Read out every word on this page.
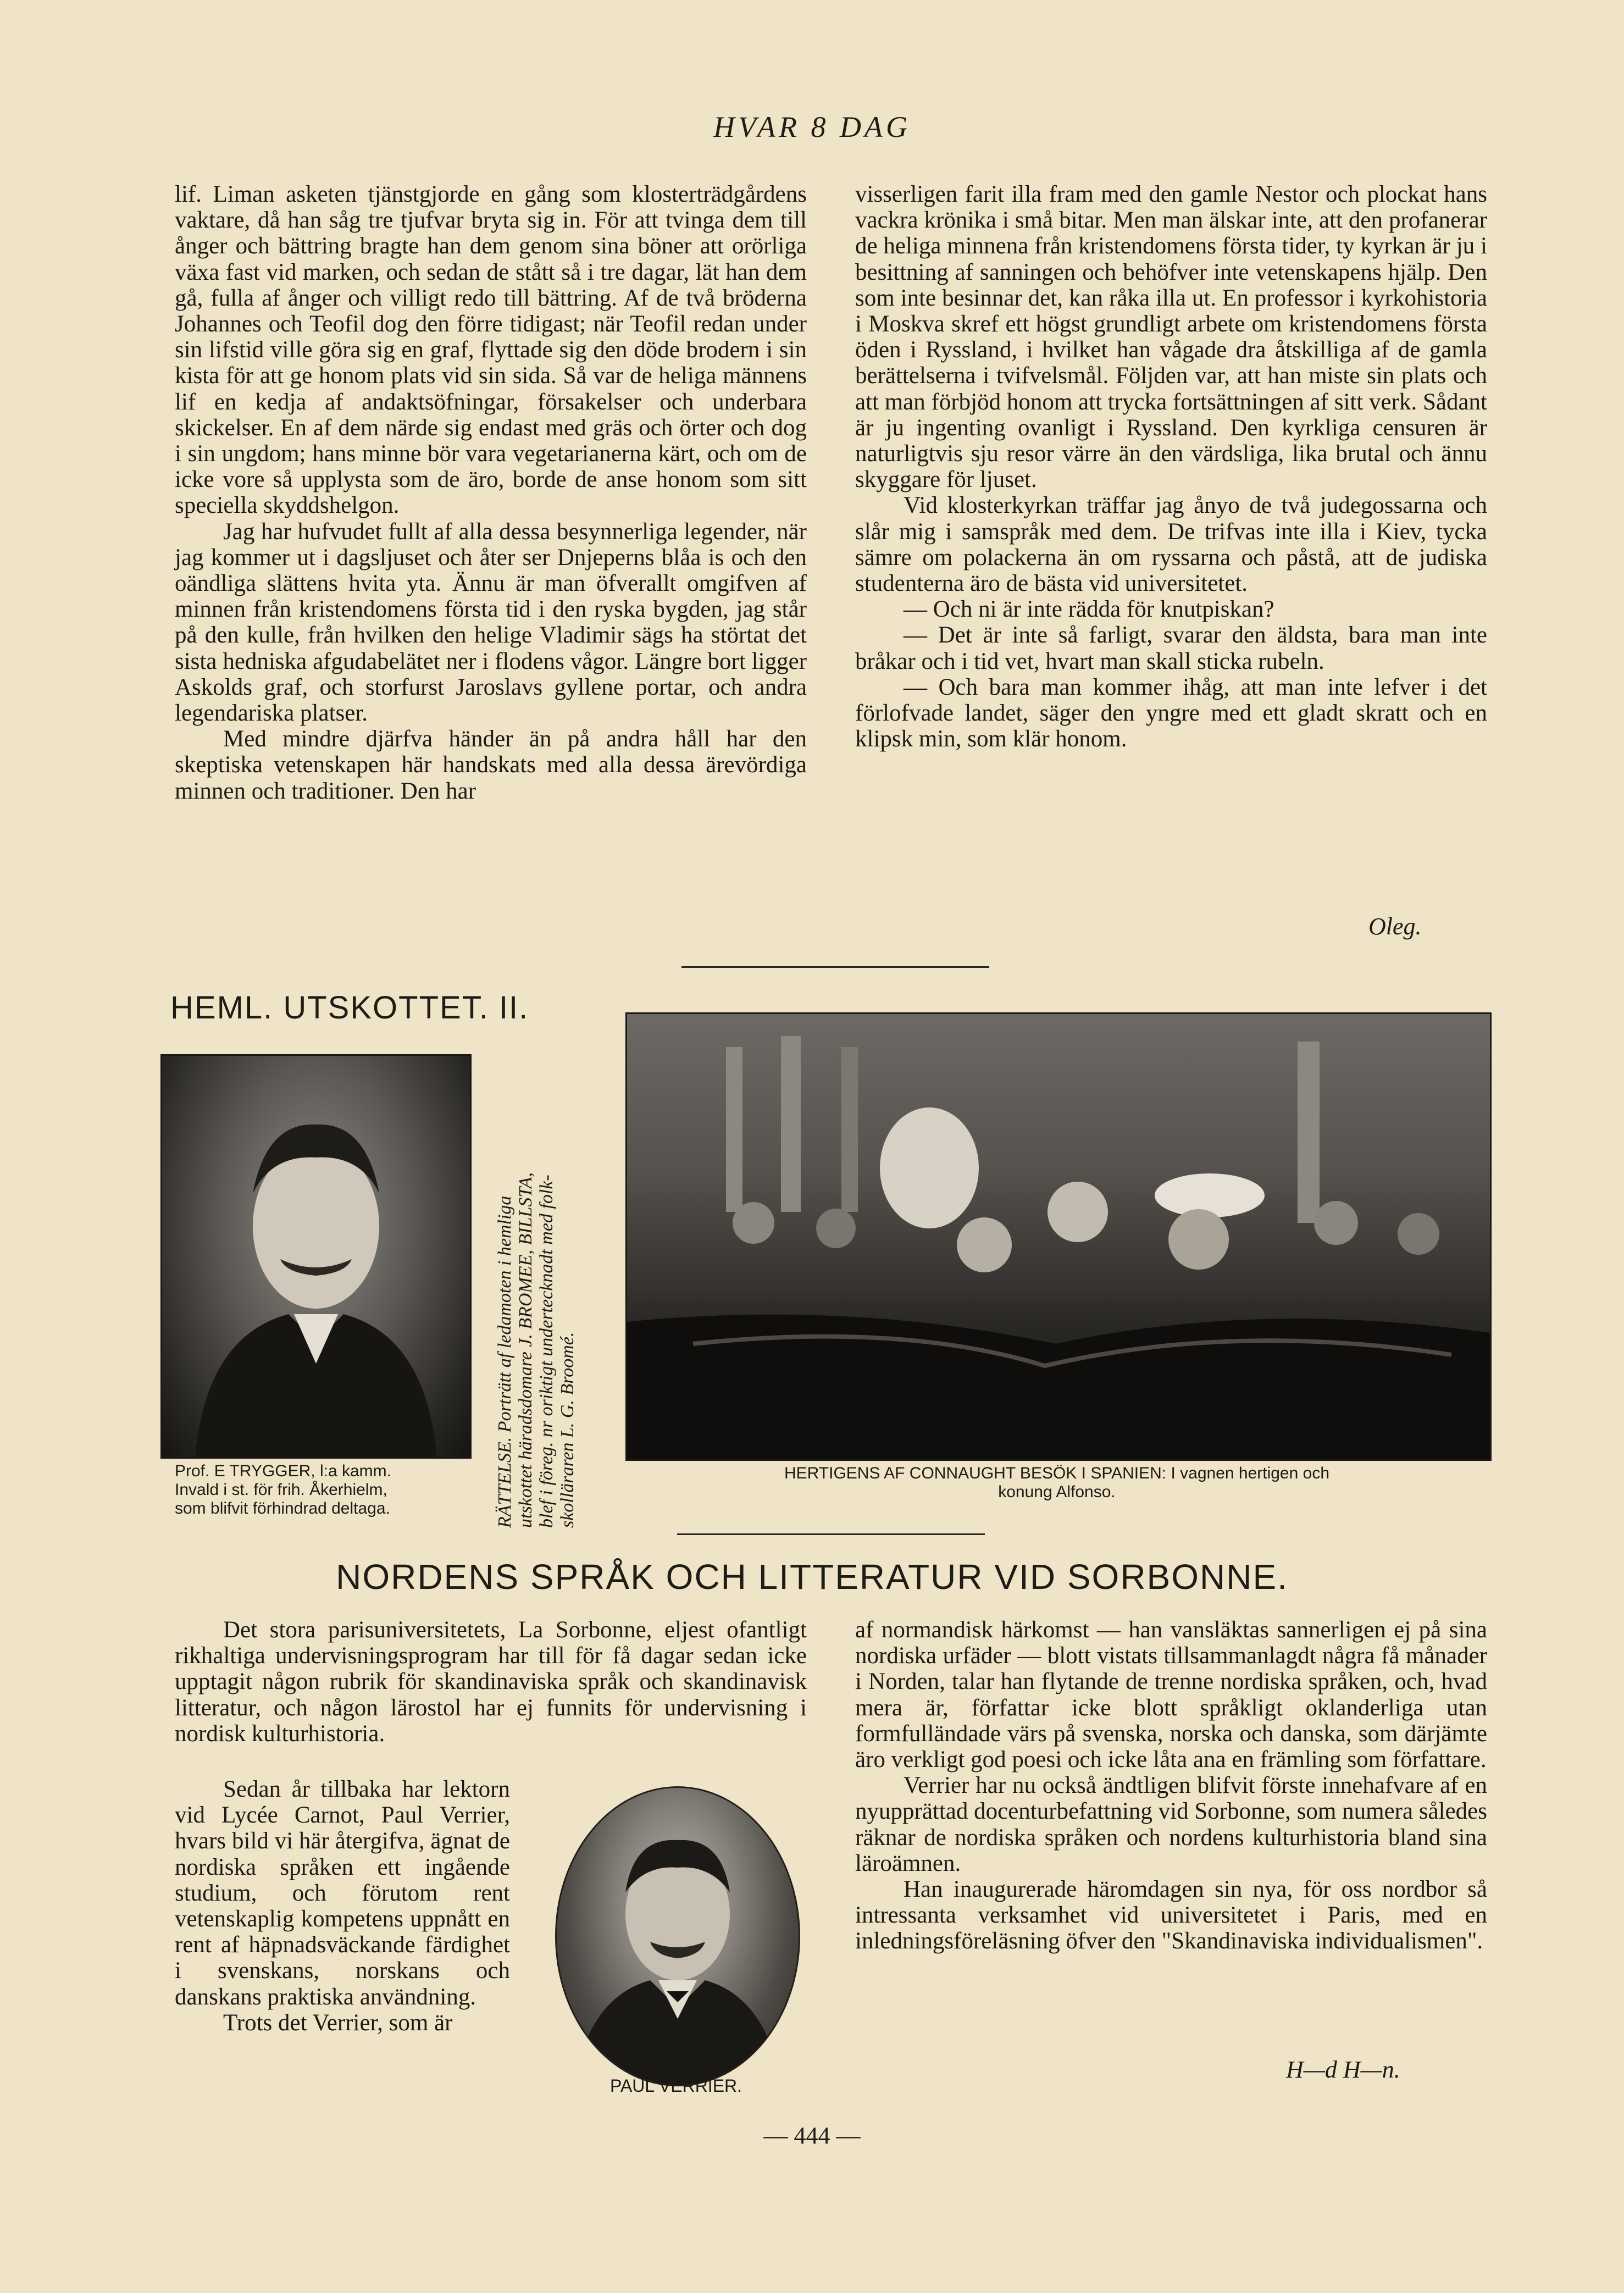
HVAR 8 DAG

lif. Liman asketen tjänstgjorde en gång som klosterträdgårdens vaktare, då han såg tre tjufvar bryta sig in. För att tvinga dem till ånger och bättring bragte han dem genom sina böner att orörliga växa fast vid marken, och sedan de stått så i tre dagar, lät han dem gå, fulla af ånger och villigt redo till bättring. Af de två bröderna Johannes och Teofil dog den förre tidigast; när Teofil redan under sin lifstid ville göra sig en graf, flyttade sig den döde brodern i sin kista för att ge honom plats vid sin sida. Så var de heliga männens lif en kedja af andaktsöfningar, försakelser och underbara skickelser. En af dem närde sig endast med gräs och örter och dog i sin ungdom; hans minne bör vara vegetarianerna kärt, och om de icke vore så upplysta som de äro, borde de anse honom som sitt speciella skyddshelgon.

Jag har hufvudet fullt af alla dessa besynnerliga legender, när jag kommer ut i dagsljuset och åter ser Dnjeperns blåa is och den oändliga slättens hvita yta. Ännu är man öfverallt omgifven af minnen från kristendomens första tid i den ryska bygden, jag står på den kulle, från hvilken den helige Vladimir sägs ha störtat det sista hedniska afgudabelätet ner i flodens vågor. Längre bort ligger Askolds graf, och storfurst Jaroslavs gyllene portar, och andra legendariska platser.

Med mindre djärfva händer än på andra håll har den skeptiska vetenskapen här handskats med alla dessa ärevördiga minnen och traditioner. Den har

visserligen farit illa fram med den gamle Nestor och plockat hans vackra krönika i små bitar. Men man älskar inte, att den profanerar de heliga minnena från kristendomens första tider, ty kyrkan är ju i besittning af sanningen och behöfver inte vetenskapens hjälp. Den som inte besinnar det, kan råka illa ut. En professor i kyrkohistoria i Moskva skref ett högst grundligt arbete om kristendomens första öden i Ryssland, i hvilket han vågade dra åtskilliga af de gamla berättelserna i tvifvelsmål. Följden var, att han miste sin plats och att man förbjöd honom att trycka fortsättningen af sitt verk. Sådant är ju ingenting ovanligt i Ryssland. Den kyrkliga censuren är naturligtvis sju resor värre än den värdsliga, lika brutal och ännu skyggare för ljuset.

Vid klosterkyrkan träffar jag ånyo de två judegossarna och slår mig i samspråk med dem. De trifvas inte illa i Kiev, tycka sämre om polackerna än om ryssarna och påstå, att de judiska studenterna äro de bästa vid universitetet.

— Och ni är inte rädda för knutpiskan?

— Det är inte så farligt, svarar den äldsta, bara man inte bråkar och i tid vet, hvart man skall sticka rubeln.

— Och bara man kommer ihåg, att man inte lefver i det förlofvade landet, säger den yngre med ett gladt skratt och en klipsk min, som klär honom.

Oleg.
HEML. UTSKOTTET. II.
Prof. E TRYGGER, l:a kamm.
Invald i st. för frih. Åkerhielm,
som blifvit förhindrad deltaga.	RÄTTELSE. Porträtt af ledamoten i hemliga utskottet häradsdomare J. BROMEE, BILLSTA, blef i föreg. nr oriktigt undertecknadt med folk- skolläraren L. G. Broomé.	HERTIGENS AF CONNAUGHT BESÖK I SPANIEN: I vagnen hertigen och
konung Alfonso.
NORDENS SPRÅK OCH LITTERATUR VID SORBONNE.

Det stora parisuniversitetets, La Sorbonne, eljest ofantligt rikhaltiga undervisningsprogram har till för få dagar sedan icke upptagit någon rubrik för skandinaviska språk och skandinavisk litteratur, och någon lärostol har ej funnits för undervisning i nordisk kulturhistoria.

Sedan år tillbaka har lektorn vid Lycée Carnot, Paul Verrier, hvars bild vi här återgifva, ägnat de nordiska språken ett ingående studium, och förutom rent vetenskaplig kompetens uppnått en rent af häpnadsväckande färdighet i svenskans, norskans och danskans praktiska användning.

Trots det Verrier, som är

PAUL VERRIER.

af normandisk härkomst — han vansläktas sannerligen ej på sina nordiska urfäder — blott vistats tillsammanlagdt några få månader i Norden, talar han flytande de trenne nordiska språken, och, hvad mera är, författar icke blott språkligt oklanderliga utan formfulländade värs på svenska, norska och danska, som därjämte äro verkligt god poesi och icke låta ana en främling som författare.

Verrier har nu också ändtligen blifvit förste innehafvare af en nyupprättad docenturbefattning vid Sorbonne, som numera således räknar de nordiska språken och nordens kulturhistoria bland sina läroämnen.

Han inaugurerade häromdagen sin nya, för oss nordbor så intressanta verksamhet vid universitetet i Paris, med en inledningsföreläsning öfver den "Skandinaviska individualismen".

H—d H—n.
— 444 —
